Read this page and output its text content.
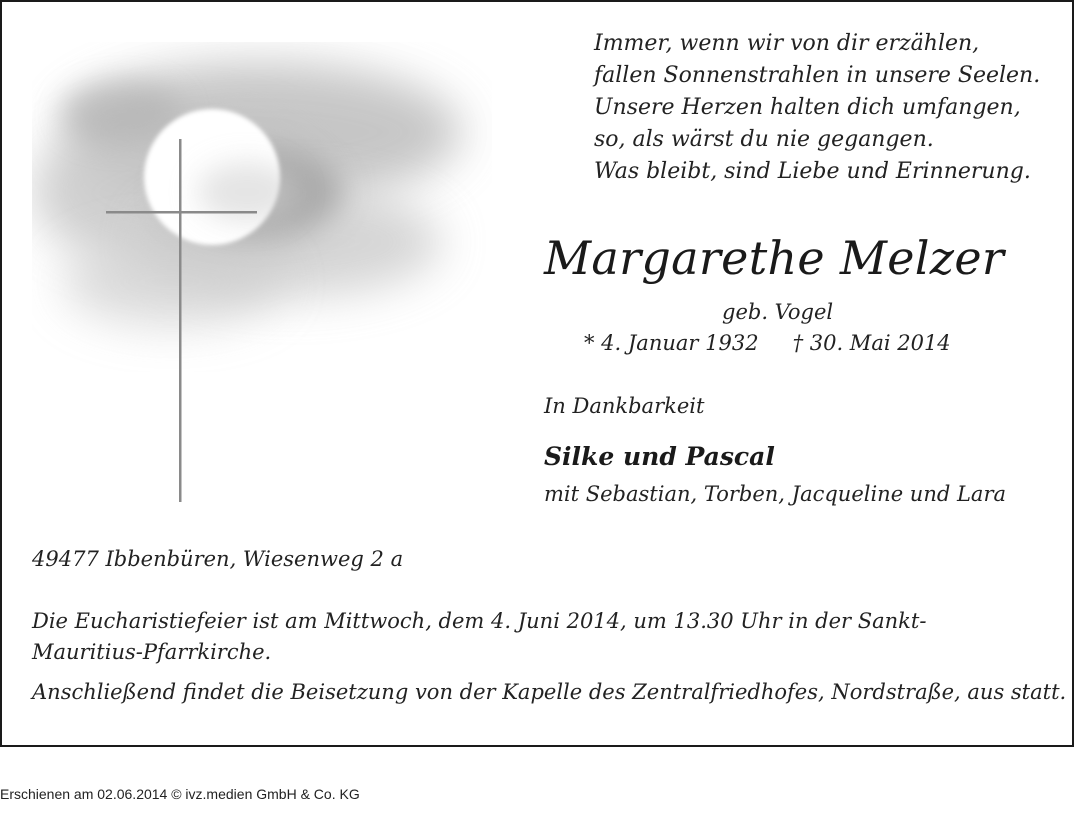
Immer, wenn wir von dir erzählen,
fallen Sonnenstrahlen in unsere Seelen.
Unsere Herzen halten dich umfangen,
so, als wärst du nie gegangen.
Was bleibt, sind Liebe und Erinnerung.
Margarethe Melzer
geb. Vogel
* 4. Januar 1932 † 30. Mai 2014
In Dankbarkeit
Silke und Pascal
mit Sebastian, Torben, Jacqueline und Lara
49477 Ibbenbüren, Wiesenweg 2 a
Die Eucharistiefeier ist am Mittwoch, dem 4. Juni 2014, um 13.30 Uhr in der Sankt-
Mauritius-Pfarrkirche.
Anschließend findet die Beisetzung von der Kapelle des Zentralfriedhofes, Nordstraße, aus statt.
Erschienen am 02.06.2014 © ivz.medien GmbH & Co. KG
